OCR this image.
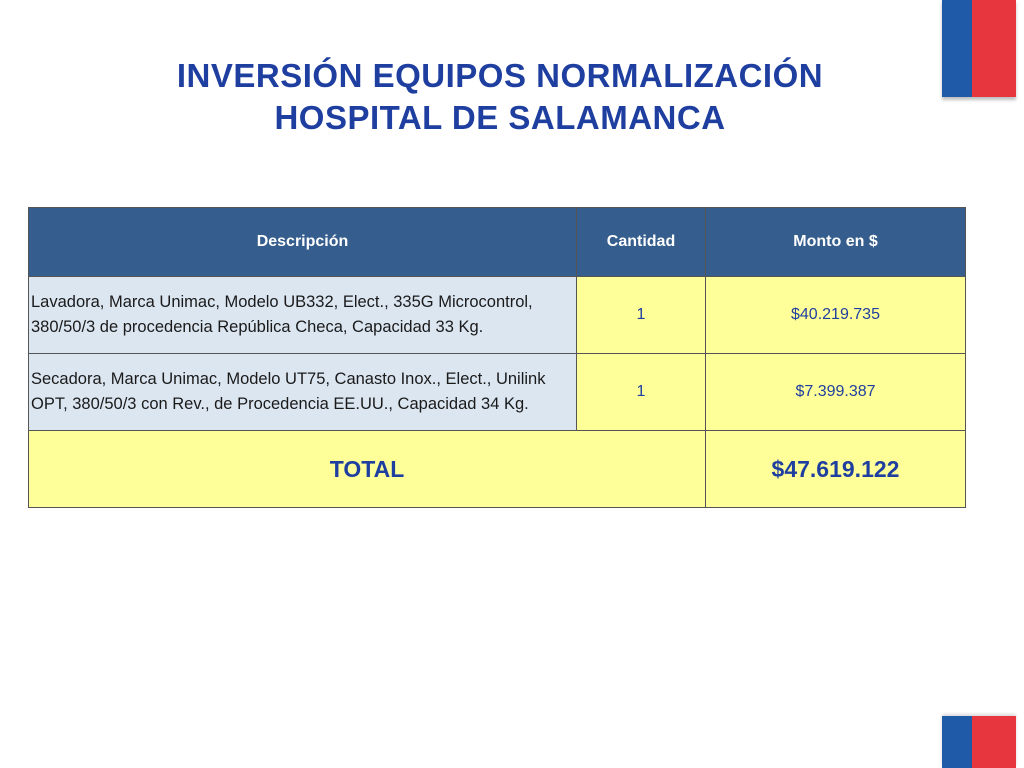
INVERSIÓN EQUIPOS NORMALIZACIÓN
HOSPITAL DE SALAMANCA
Descripción	Cantidad	Monto en $
Lavadora, Marca Unimac, Modelo UB332, Elect., 335G Microcontrol, 380/50/3 de procedencia República Checa, Capacidad 33 Kg.	1	$40.219.735
Secadora, Marca Unimac, Modelo UT75, Canasto Inox., Elect., Unilink OPT, 380/50/3 con Rev., de Procedencia EE.UU., Capacidad 34 Kg.	1	$7.399.387
TOTAL		$47.619.122
